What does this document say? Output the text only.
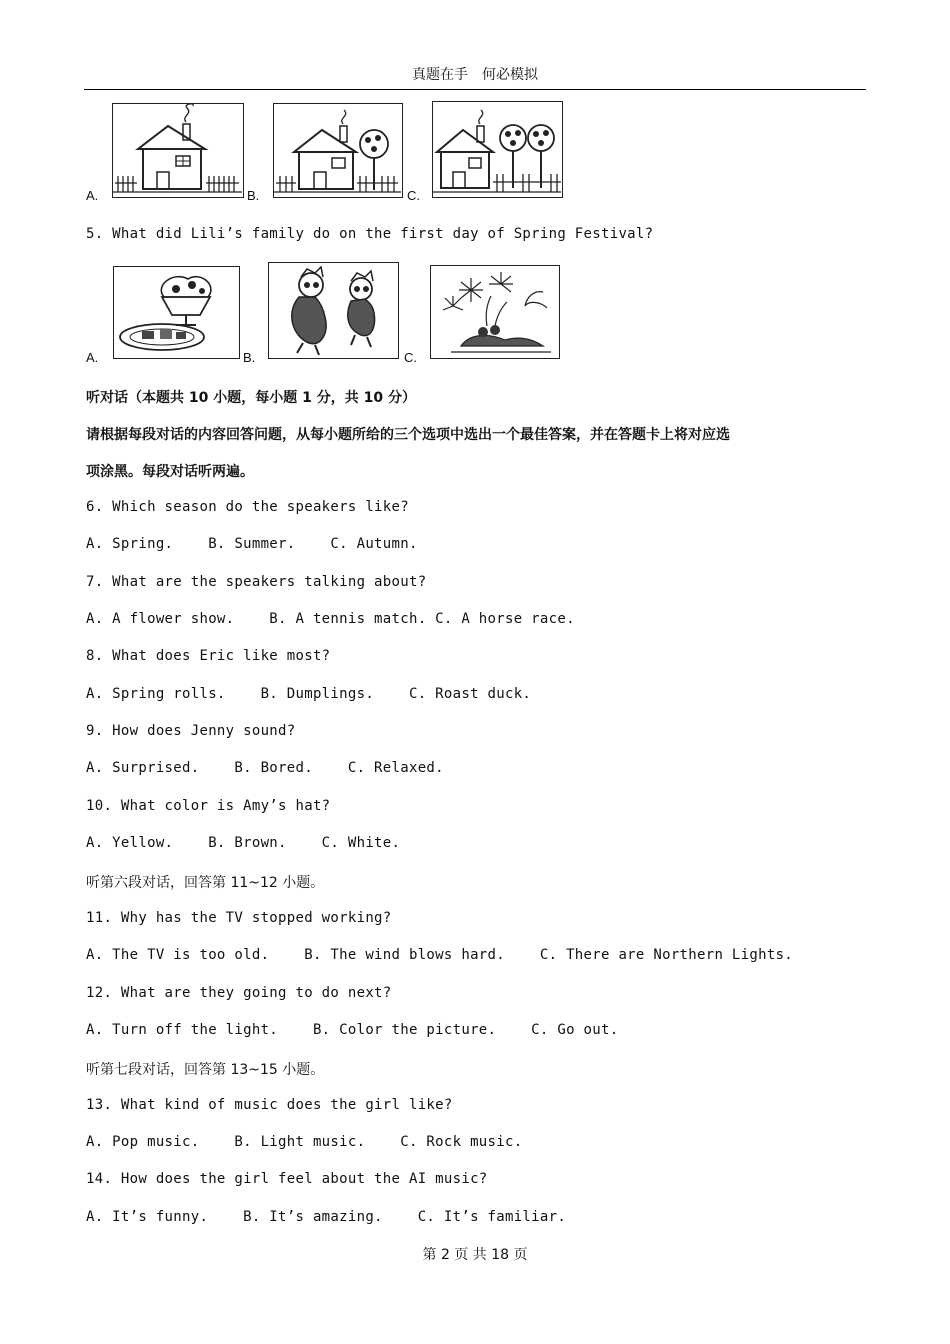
真题在手　何必模拟
A.	B.	C.
5. What did Lili’s family do on the first day of Spring Festival?
A.	B.	C.
听对话（本题共 10 小题，每小题 1 分，共 10 分）
请根据每段对话的内容回答问题，从每小题所给的三个选项中选出一个最佳答案，并在答题卡上将对应选
项涂黑。每段对话听两遍。
6. Which season do the speakers like?
A. Spring.    B. Summer.    C. Autumn.
7. What are the speakers talking about?
A. A flower show.    B. A tennis match. C. A horse race.
8. What does Eric like most?
A. Spring rolls.    B. Dumplings.    C. Roast duck.
9. How does Jenny sound?
A. Surprised.    B. Bored.    C. Relaxed.
10. What color is Amy’s hat?
A. Yellow.    B. Brown.    C. White.
听第六段对话，回答第 11~12 小题。
11. Why has the TV stopped working?
A. The TV is too old.    B. The wind blows hard.    C. There are Northern Lights.
12. What are they going to do next?
A. Turn off the light.    B. Color the picture.    C. Go out.
听第七段对话，回答第 13~15 小题。
13. What kind of music does the girl like?
A. Pop music.    B. Light music.    C. Rock music.
14. How does the girl feel about the AI music?
A. It’s funny.    B. It’s amazing.    C. It’s familiar.
第 2 页 共 18 页
